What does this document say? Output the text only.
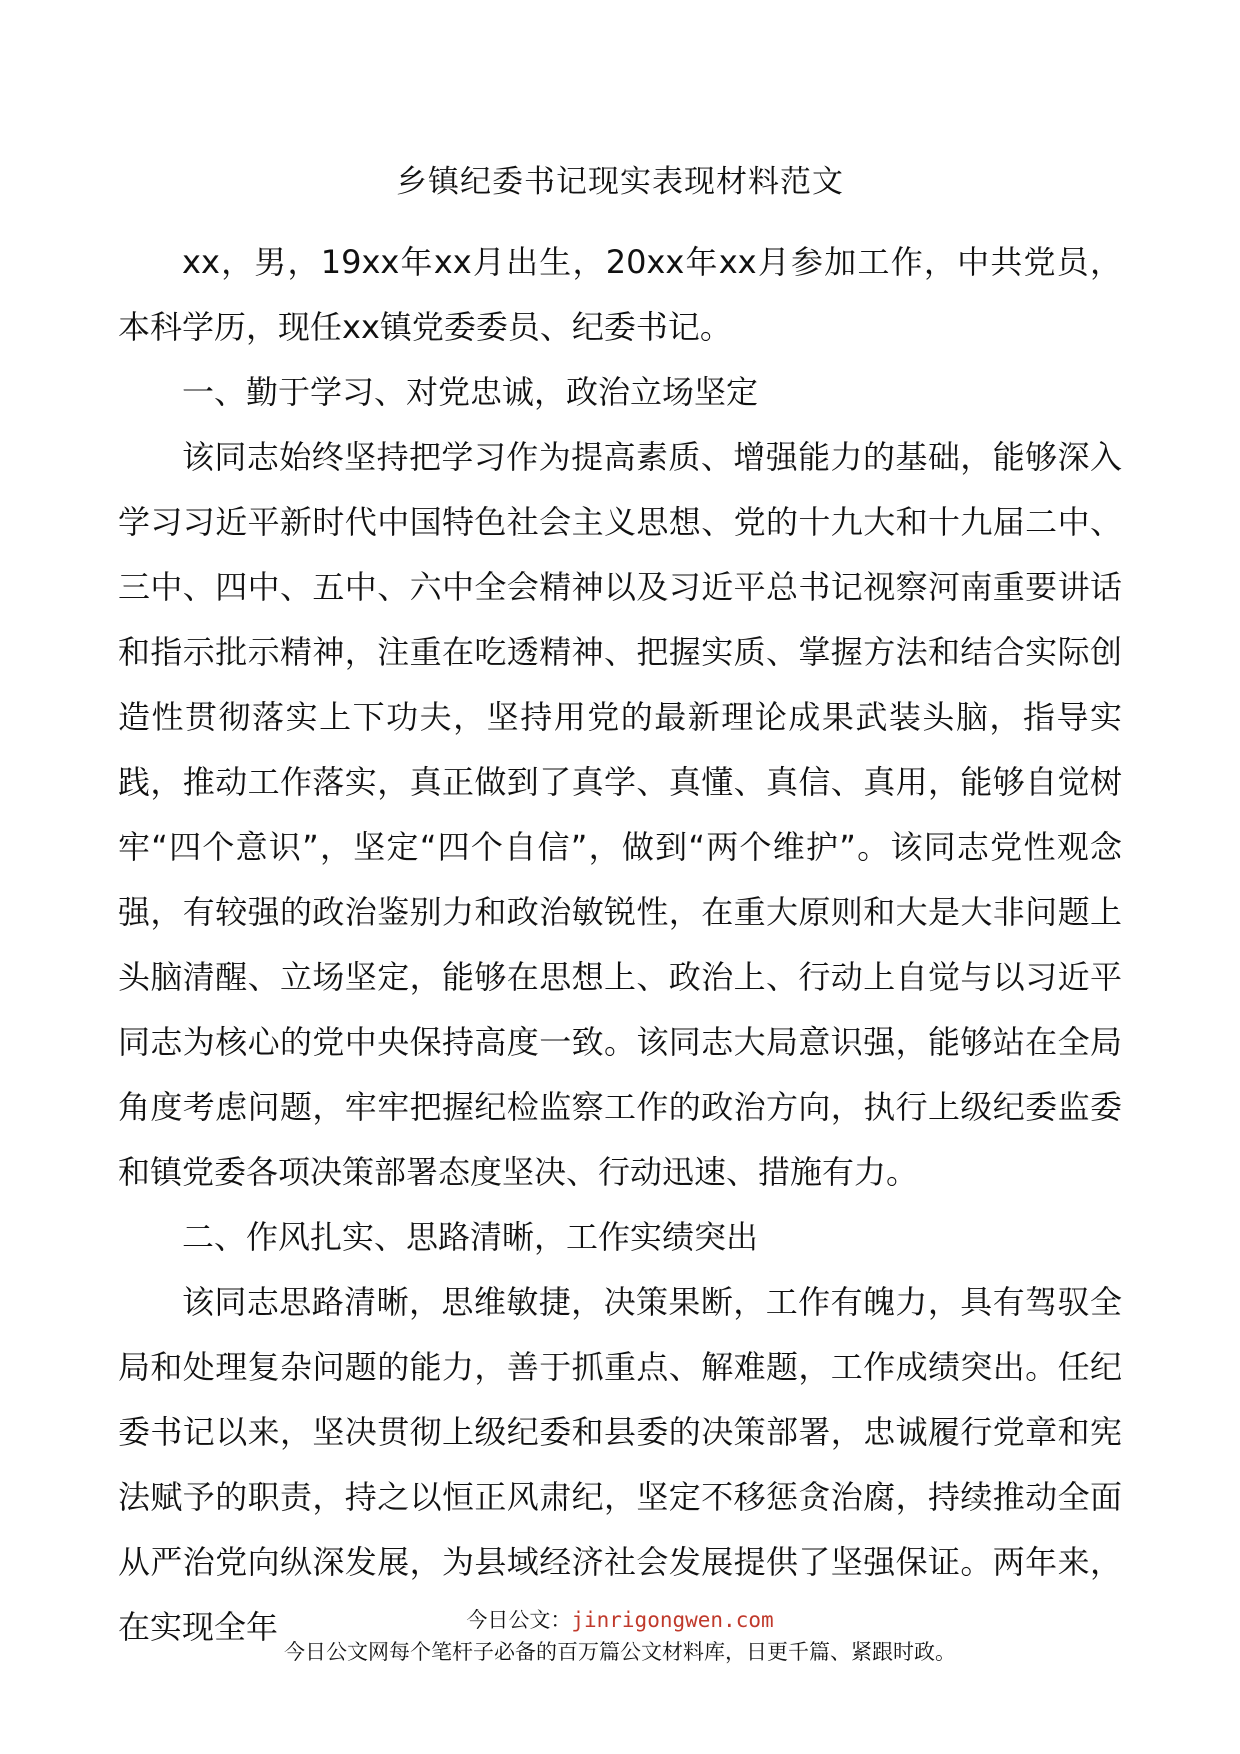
乡镇纪委书记现实表现材料范文

xx，男，19xx年xx月出生，20xx年xx月参加工作，中共党员，本科学历，现任xx镇党委委员、纪委书记。

一、勤于学习、对党忠诚，政治立场坚定

该同志始终坚持把学习作为提高素质、增强能力的基础，能够深入学习习近平新时代中国特色社会主义思想、党的十九大和十九届二中、三中、四中、五中、六中全会精神以及习近平总书记视察河南重要讲话和指示批示精神，注重在吃透精神、把握实质、掌握方法和结合实际创造性贯彻落实上下功夫，坚持用党的最新理论成果武装头脑，指导实践，推动工作落实，真正做到了真学、真懂、真信、真用，能够自觉树牢“四个意识”，坚定“四个自信”，做到“两个维护”。该同志党性观念强，有较强的政治鉴别力和政治敏锐性，在重大原则和大是大非问题上头脑清醒、立场坚定，能够在思想上、政治上、行动上自觉与以习近平同志为核心的党中央保持高度一致。该同志大局意识强，能够站在全局角度考虑问题，牢牢把握纪检监察工作的政治方向，执行上级纪委监委和镇党委各项决策部署态度坚决、行动迅速、措施有力。

二、作风扎实、思路清晰，工作实绩突出

该同志思路清晰，思维敏捷，决策果断，工作有魄力，具有驾驭全局和处理复杂问题的能力，善于抓重点、解难题，工作成绩突出。任纪委书记以来，坚决贯彻上级纪委和县委的决策部署，忠诚履行党章和宪法赋予的职责，持之以恒正风肃纪，坚定不移惩贪治腐，持续推动全面从严治党向纵深发展，为县域经济社会发展提供了坚强保证。两年来，在实现全年	今日公文：jinrigongwen.com
今日公文网每个笔杆子必备的百万篇公文材料库，日更千篇、紧跟时政。
